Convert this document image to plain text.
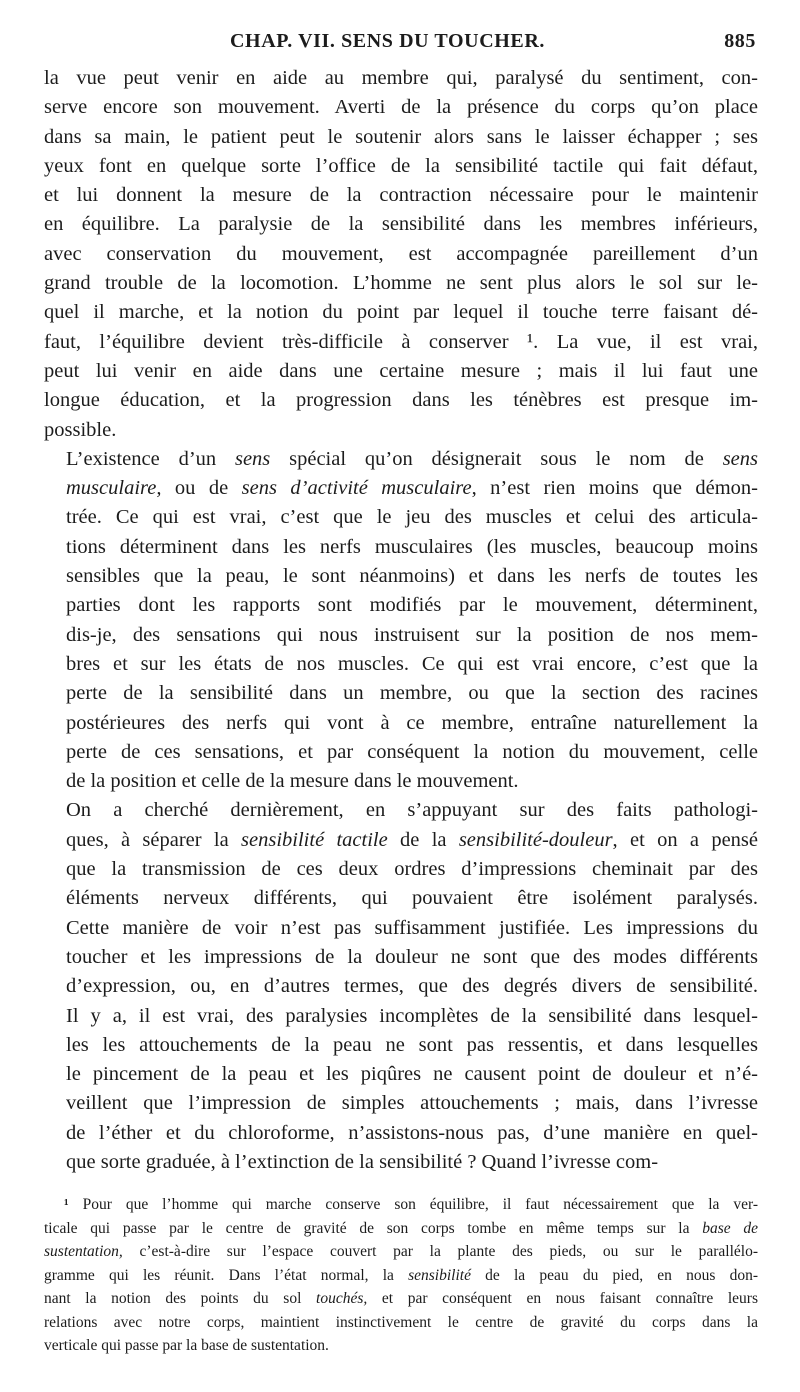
CHAP. VII. SENS DU TOUCHER.	885

la vue peut venir en aide au membre qui, paralysé du sentiment, con-
serve encore son mouvement. Averti de la présence du corps qu’on place
dans sa main, le patient peut le soutenir alors sans le laisser échapper ; ses
yeux font en quelque sorte l’office de la sensibilité tactile qui fait défaut,
et lui donnent la mesure de la contraction nécessaire pour le maintenir
en équilibre. La paralysie de la sensibilité dans les membres inférieurs,
avec conservation du mouvement, est accompagnée pareillement d’un
grand trouble de la locomotion. L’homme ne sent plus alors le sol sur le-
quel il marche, et la notion du point par lequel il touche terre faisant dé-
faut, l’équilibre devient très-difficile à conserver ¹. La vue, il est vrai,
peut lui venir en aide dans une certaine mesure ; mais il lui faut une
longue éducation, et la progression dans les ténèbres est presque im-
possible.

L’existence d’un sens spécial qu’on désignerait sous le nom de sens
musculaire, ou de sens d’activité musculaire, n’est rien moins que démon-
trée. Ce qui est vrai, c’est que le jeu des muscles et celui des articula-
tions déterminent dans les nerfs musculaires (les muscles, beaucoup moins
sensibles que la peau, le sont néanmoins) et dans les nerfs de toutes les
parties dont les rapports sont modifiés par le mouvement, déterminent,
dis-je, des sensations qui nous instruisent sur la position de nos mem-
bres et sur les états de nos muscles. Ce qui est vrai encore, c’est que la
perte de la sensibilité dans un membre, ou que la section des racines
postérieures des nerfs qui vont à ce membre, entraîne naturellement la
perte de ces sensations, et par conséquent la notion du mouvement, celle
de la position et celle de la mesure dans le mouvement.

On a cherché dernièrement, en s’appuyant sur des faits pathologi-
ques, à séparer la sensibilité tactile de la sensibilité-douleur, et on a pensé
que la transmission de ces deux ordres d’impressions cheminait par des
éléments nerveux différents, qui pouvaient être isolément paralysés.
Cette manière de voir n’est pas suffisamment justifiée. Les impressions du
toucher et les impressions de la douleur ne sont que des modes différents
d’expression, ou, en d’autres termes, que des degrés divers de sensibilité.
Il y a, il est vrai, des paralysies incomplètes de la sensibilité dans lesquel-
les les attouchements de la peau ne sont pas ressentis, et dans lesquelles
le pincement de la peau et les piqûres ne causent point de douleur et n’é-
veillent que l’impression de simples attouchements ; mais, dans l’ivresse
de l’éther et du chloroforme, n’assistons-nous pas, d’une manière en quel-
que sorte graduée, à l’extinction de la sensibilité ? Quand l’ivresse com-

¹ Pour que l’homme qui marche conserve son équilibre, il faut nécessairement que la ver-
ticale qui passe par le centre de gravité de son corps tombe en même temps sur la base de
sustentation, c’est-à-dire sur l’espace couvert par la plante des pieds, ou sur le parallélo-
gramme qui les réunit. Dans l’état normal, la sensibilité de la peau du pied, en nous don-
nant la notion des points du sol touchés, et par conséquent en nous faisant connaître leurs
relations avec notre corps, maintient instinctivement le centre de gravité du corps dans la
verticale qui passe par la base de sustentation.
